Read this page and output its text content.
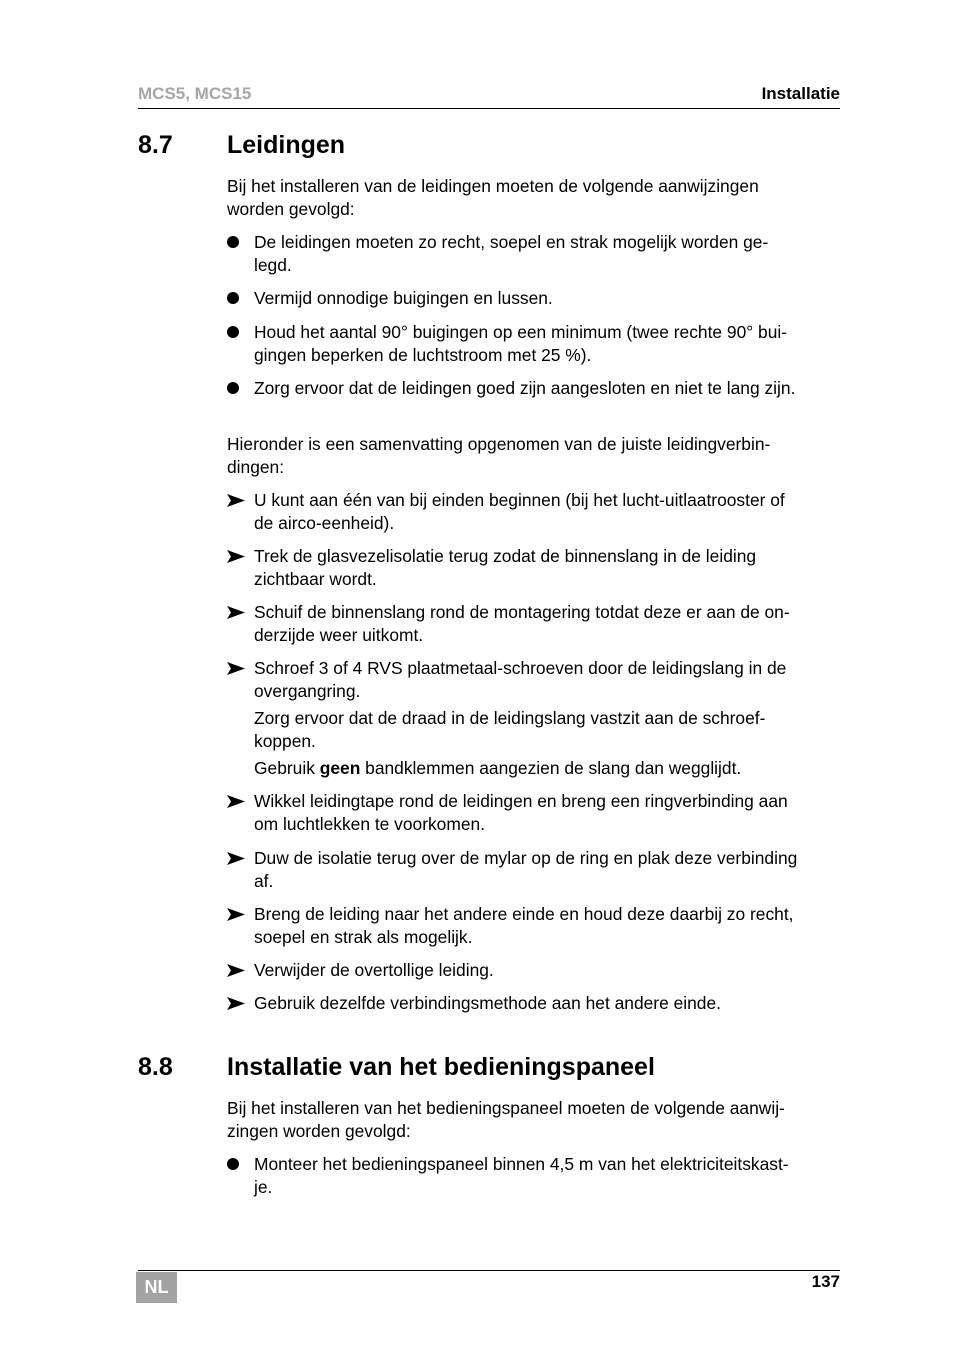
MCS5, MCS15	Installatie
8.7 Leidingen
Bij het installeren van de leidingen moeten de volgende aanwijzingen
worden gevolgd:
De leidingen moeten zo recht, soepel en strak mogelijk worden ge-
legd.
Vermijd onnodige buigingen en lussen.
Houd het aantal 90° buigingen op een minimum (twee rechte 90° bui-
gingen beperken de luchtstroom met 25 %).
Zorg ervoor dat de leidingen goed zijn aangesloten en niet te lang zijn.
Hieronder is een samenvatting opgenomen van de juiste leidingverbin-
dingen:
U kunt aan één van bij einden beginnen (bij het lucht-uitlaatrooster of
de airco-eenheid).
Trek de glasvezelisolatie terug zodat de binnenslang in de leiding
zichtbaar wordt.
Schuif de binnenslang rond de montagering totdat deze er aan de on-
derzijde weer uitkomt.
Schroef 3 of 4 RVS plaatmetaal-schroeven door de leidingslang in de
overgangring.
Zorg ervoor dat de draad in de leidingslang vastzit aan de schroef-
koppen.
Gebruik geen bandklemmen aangezien de slang dan wegglijdt.
Wikkel leidingtape rond de leidingen en breng een ringverbinding aan
om luchtlekken te voorkomen.
Duw de isolatie terug over de mylar op de ring en plak deze verbinding
af.
Breng de leiding naar het andere einde en houd deze daarbij zo recht,
soepel en strak als mogelijk.
Verwijder de overtollige leiding.
Gebruik dezelfde verbindingsmethode aan het andere einde.
8.8 Installatie van het bedieningspaneel
Bij het installeren van het bedieningspaneel moeten de volgende aanwij-
zingen worden gevolgd:
Monteer het bedieningspaneel binnen 4,5 m van het elektriciteitskast-
je.
NL	137
